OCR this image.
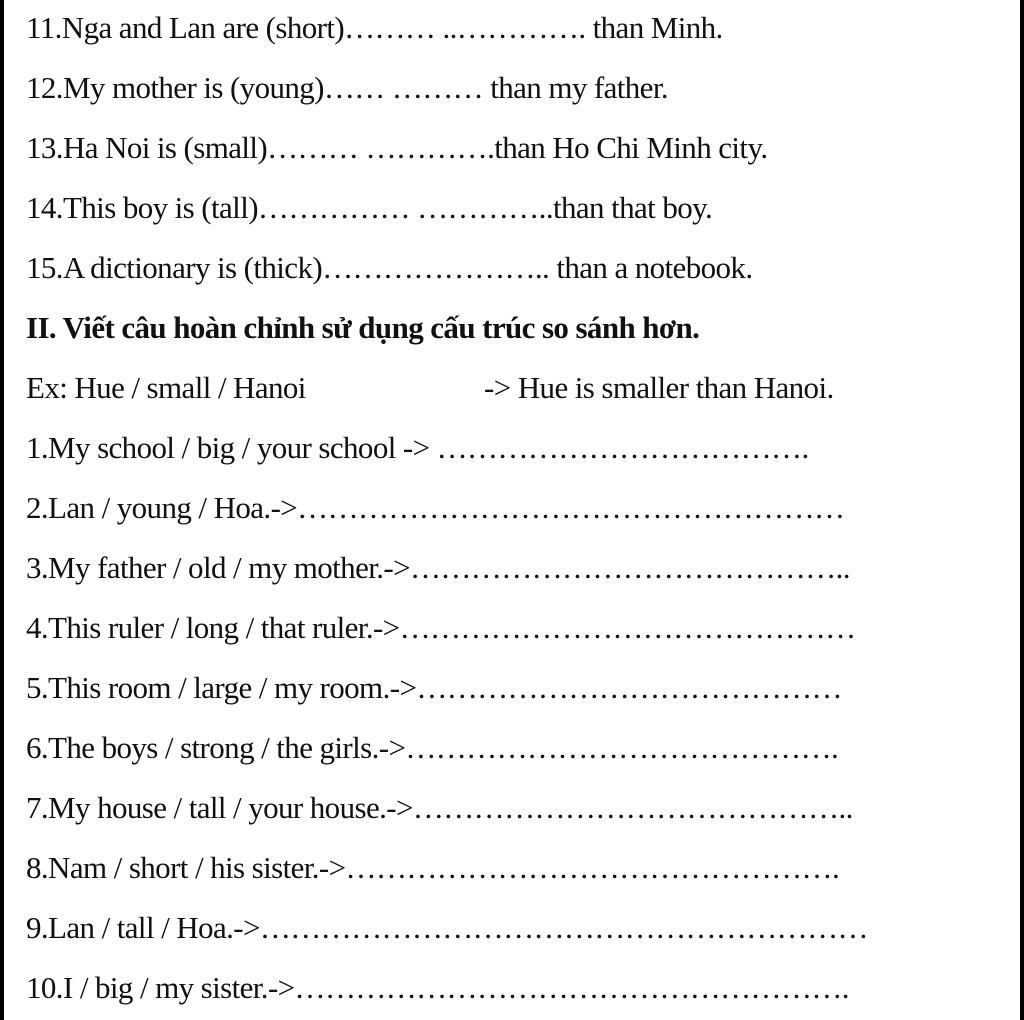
11.Nga and Lan are (short)……… ..…………. than Minh.

12.My mother is (young)…… ……… than my father.

13.Ha Noi is (small)……… ………….than Ho Chi Minh city.

14.This boy is (tall)…………… …………..than that boy.

15.A dictionary is (thick)………………….. than a notebook.

II. Viết câu hoàn chỉnh sử dụng cấu trúc so sánh hơn.

Ex: Hue / small / Hanoi	-> Hue is smaller than Hanoi.

1.My school / big / your school -> ……………………………….

2.Lan / young / Hoa.->………………………………………………

3.My father / old / my mother.->……………………………………..

4.This ruler / long / that ruler.->………………………………………

5.This room / large / my room.->……………………………………

6.The boys / strong / the girls.->…………………………………….

7.My house / tall / your house.->……………………………………..

8.Nam / short / his sister.->………………………………………….

9.Lan / tall / Hoa.->……………………………………………………

10.I / big / my sister.->……………………………………………….
